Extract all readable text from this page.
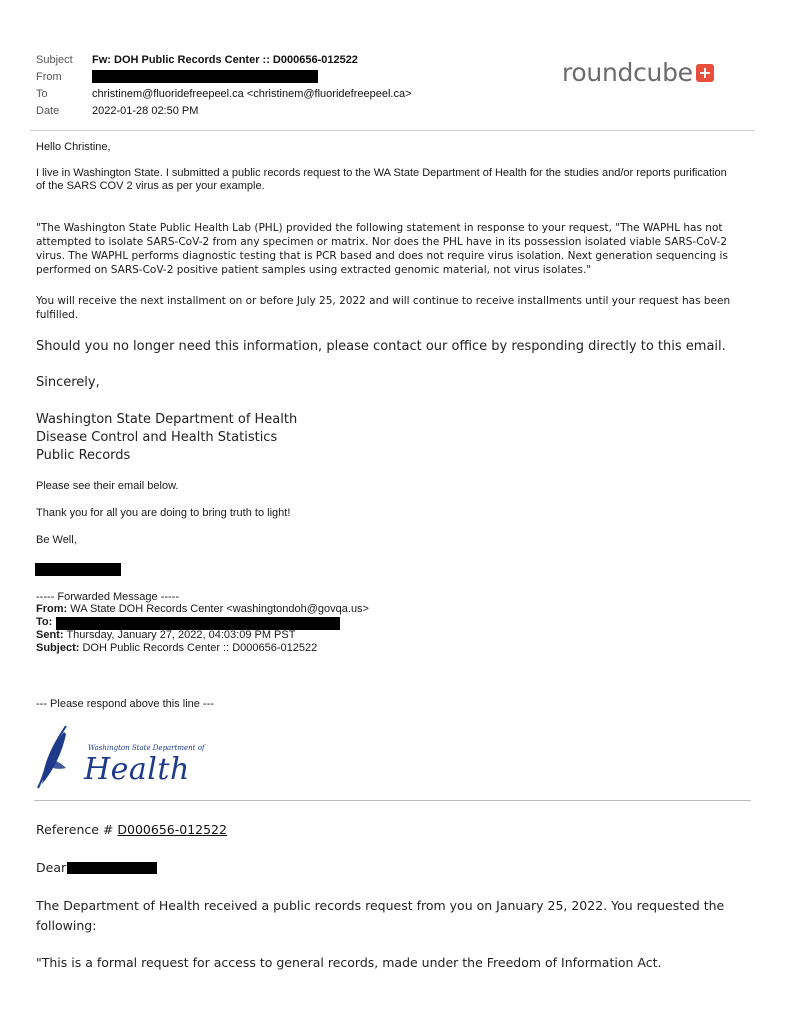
Subject Fw: DOH Public Records Center :: D000656-012522
From
To	christinem@fluoridefreepeel.ca <christinem@fluoridefreepeel.ca>
Date	2022-01-28 02:50 PM
roundcube

Hello Christine,

I live in Washington State. I submitted a public records request to the WA State Department of Health for the studies and/or reports purification of the SARS COV 2 virus as per your example.

"The Washington State Public Health Lab (PHL) provided the following statement in response to your request, "The WAPHL has not attempted to isolate SARS-CoV-2 from any specimen or matrix. Nor does the PHL have in its possession isolated viable SARS-CoV-2 virus. The WAPHL performs diagnostic testing that is PCR based and does not require virus isolation. Next generation sequencing is performed on SARS-CoV-2 positive patient samples using extracted genomic material, not virus isolates."

You will receive the next installment on or before July 25, 2022 and will continue to receive installments until your request has been fulfilled.

Should you no longer need this information, please contact our office by responding directly to this email.

Sincerely,

Washington State Department of Health

Disease Control and Health Statistics

Public Records

Please see their email below.

Thank you for all you are doing to bring truth to light!

Be Well,

----- Forwarded Message -----

From: WA State DOH Records Center <washingtondoh@govqa.us>

To:

Sent: Thursday, January 27, 2022, 04:03:09 PM PST

Subject: DOH Public Records Center :: D000656-012522

--- Please respond above this line ---

Washington State Department of
Health

Reference # D000656-012522

Dear

The Department of Health received a public records request from you on January 25, 2022. You requested the following:

"This is a formal request for access to general records, made under the Freedom of Information Act.
